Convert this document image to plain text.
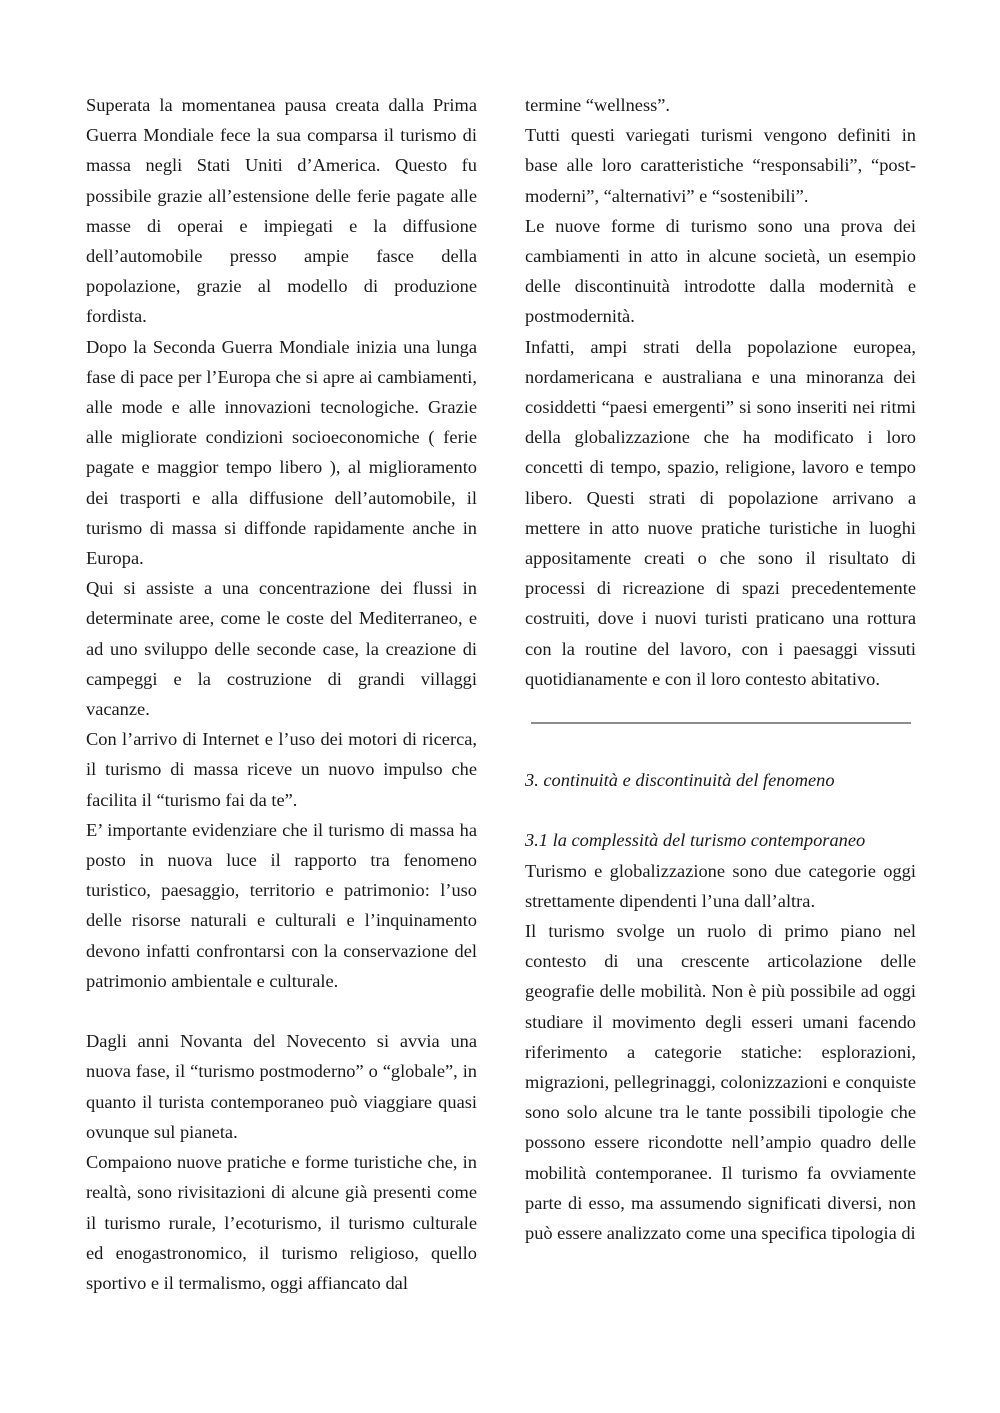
Superata la momentanea pausa creata dalla Prima Guerra Mondiale fece la sua comparsa il turismo di massa negli Stati Uniti d’America. Questo fu possibile grazie all’estensione delle ferie pagate alle masse di operai e impiegati e la diffusione dell’automobile presso ampie fasce della popolazione, grazie al modello di produzione fordista.

Dopo la Seconda Guerra Mondiale inizia una lunga fase di pace per l’Europa che si apre ai cambiamenti, alle mode e alle innovazioni tecnologiche. Grazie alle migliorate condizioni socioeconomiche ( ferie pagate e maggior tempo libero ), al miglioramento dei trasporti e alla diffusione dell’automobile, il turismo di massa si diffonde rapidamente anche in Europa.

Qui si assiste a una concentrazione dei flussi in determinate aree, come le coste del Mediterraneo, e ad uno sviluppo delle seconde case, la creazione di campeggi e la costruzione di grandi villaggi vacanze.

Con l’arrivo di Internet e l’uso dei motori di ricerca, il turismo di massa riceve un nuovo impulso che facilita il “turismo fai da te”.

E’ importante evidenziare che il turismo di massa ha posto in nuova luce il rapporto tra fenomeno turistico, paesaggio, territorio e patrimonio: l’uso delle risorse naturali e culturali e l’inquinamento devono infatti confrontarsi con la conservazione del patrimonio ambientale e culturale.

Dagli anni Novanta del Novecento si avvia una nuova fase, il “turismo postmoderno” o “globale”, in quanto il turista contemporaneo può viaggiare quasi ovunque sul pianeta.

Compaiono nuove pratiche e forme turistiche che, in realtà, sono rivisitazioni di alcune già presenti come il turismo rurale, l’ecoturismo, il turismo culturale ed enogastronomico, il turismo religioso, quello sportivo e il termalismo, oggi affiancato dal

termine “wellness”.

Tutti questi variegati turismi vengono definiti in base alle loro caratteristiche “responsabili”, “post-moderni”, “alternativi” e “sostenibili”.

Le nuove forme di turismo sono una prova dei cambiamenti in atto in alcune società, un esempio delle discontinuità introdotte dalla modernità e postmodernità.

Infatti, ampi strati della popolazione europea, nordamericana e australiana e una minoranza dei cosiddetti “paesi emergenti” si sono inseriti nei ritmi della globalizzazione che ha modificato i loro concetti di tempo, spazio, religione, lavoro e tempo libero. Questi strati di popolazione arrivano a mettere in atto nuove pratiche turistiche in luoghi appositamente creati o che sono il risultato di processi di ricreazione di spazi precedentemente costruiti, dove i nuovi turisti praticano una rottura con la routine del lavoro, con i paesaggi vissuti quotidianamente e con il loro contesto abitativo.

3. continuità e discontinuità del fenomeno

3.1 la complessità del turismo contemporaneo

Turismo e globalizzazione sono due categorie oggi strettamente dipendenti l’una dall’altra.

Il turismo svolge un ruolo di primo piano nel contesto di una crescente articolazione delle geografie delle mobilità. Non è più possibile ad oggi studiare il movimento degli esseri umani facendo riferimento a categorie statiche: esplorazioni, migrazioni, pellegrinaggi, colonizzazioni e conquiste sono solo alcune tra le tante possibili tipologie che possono essere ricondotte nell’ampio quadro delle mobilità contemporanee. Il turismo fa ovviamente parte di esso, ma assumendo significati diversi, non può essere analizzato come una specifica tipologia di
